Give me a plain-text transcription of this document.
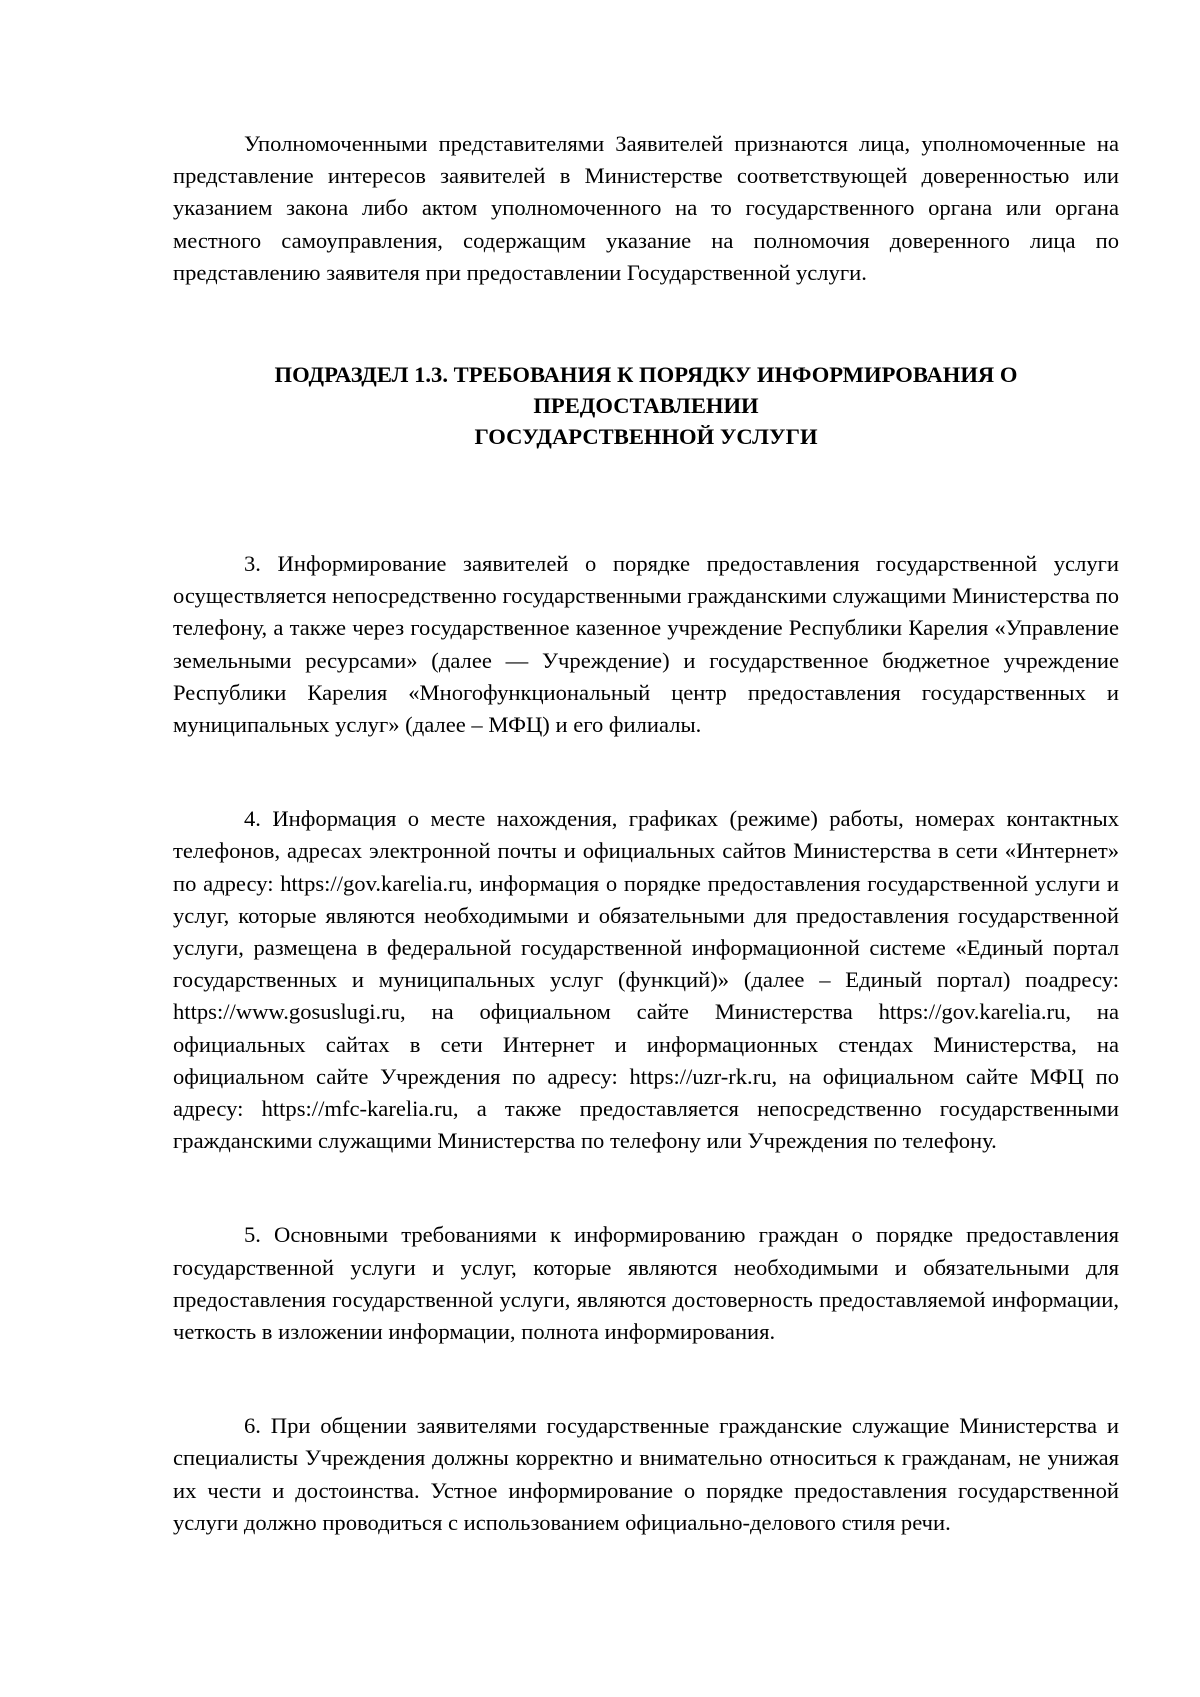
Уполномоченными представителями Заявителей признаются лица, уполномоченные на представление интересов заявителей в Министерстве соответствующей доверенностью или указанием закона либо актом уполномоченного на то государственного органа или органа местного самоуправления, содержащим указание на полномочия доверенного лица по представлению заявителя при предоставлении Государственной услуги.

ПОДРАЗДЕЛ 1.3. ТРЕБОВАНИЯ К ПОРЯДКУ ИНФОРМИРОВАНИЯ О
ПРЕДОСТАВЛЕНИИ
ГОСУДАРСТВЕННОЙ УСЛУГИ

3. Информирование заявителей о порядке предоставления государственной услуги осуществляется непосредственно государственными гражданскими служащими Министерства по телефону, а также через государственное казенное учреждение Республики Карелия «Управление земельными ресурсами» (далее — Учреждение) и государственное бюджетное учреждение Республики Карелия «Многофункциональный центр предоставления государственных и муниципальных услуг» (далее – МФЦ) и его филиалы.

4. Информация о месте нахождения, графиках (режиме) работы, номерах контактных телефонов, адресах электронной почты и официальных сайтов Министерства в сети «Интернет» по адресу: https://gov.karelia.ru, информация о порядке предоставления государственной услуги и услуг, которые являются необходимыми и обязательными для предоставления государственной услуги, размещена в федеральной государственной информационной системе «Единый портал государственных и муниципальных услуг (функций)» (далее – Единый портал) поадресу: https://www.gosuslugi.ru, на официальном сайте Министерства https://gov.karelia.ru, на официальных сайтах в сети Интернет и информационных стендах Министерства, на официальном сайте Учреждения по адресу: https://uzr-rk.ru, на официальном сайте МФЦ по адресу: https://mfc-karelia.ru, а также предоставляется непосредственно государственными гражданскими служащими Министерства по телефону или Учреждения по телефону.

5. Основными требованиями к информированию граждан о порядке предоставления государственной услуги и услуг, которые являются необходимыми и обязательными для предоставления государственной услуги, являются достоверность предоставляемой информации, четкость в изложении информации, полнота информирования.

6. При общении заявителями государственные гражданские служащие Министерства и специалисты Учреждения должны корректно и внимательно относиться к гражданам, не унижая их чести и достоинства. Устное информирование о порядке предоставления государственной услуги должно проводиться с использованием официально-делового стиля речи.
